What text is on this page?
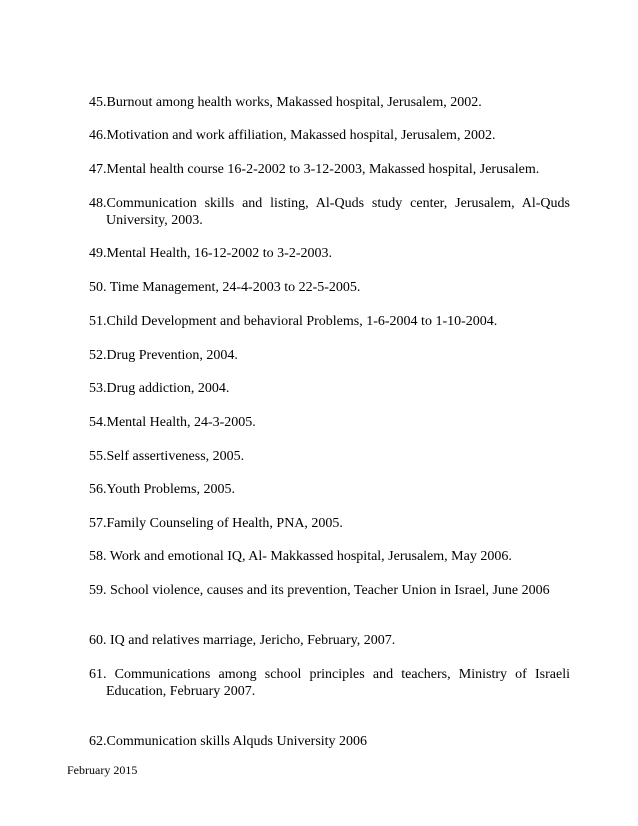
45.Burnout among health works, Makassed hospital, Jerusalem, 2002.
46.Motivation and work affiliation, Makassed hospital, Jerusalem, 2002.
47.Mental health course 16-2-2002 to 3-12-2003, Makassed hospital, Jerusalem.
48.Communication skills and listing, Al-Quds study center, Jerusalem, Al-Quds University, 2003.
49.Mental Health, 16-12-2002 to 3-2-2003.
50. Time Management, 24-4-2003 to 22-5-2005.
51.Child Development and behavioral Problems, 1-6-2004 to 1-10-2004.
52.Drug Prevention, 2004.
53.Drug addiction, 2004.
54.Mental Health, 24-3-2005.
55.Self assertiveness, 2005.
56.Youth Problems, 2005.
57.Family Counseling of Health, PNA, 2005.
58. Work and emotional IQ, Al- Makkassed hospital, Jerusalem, May 2006.
59. School violence, causes and its prevention, Teacher Union in Israel, June 2006
60. IQ and relatives marriage, Jericho, February, 2007.
61. Communications among school principles and teachers, Ministry of Israeli Education, February 2007.
62.Communication skills Alquds University 2006
February 2015
